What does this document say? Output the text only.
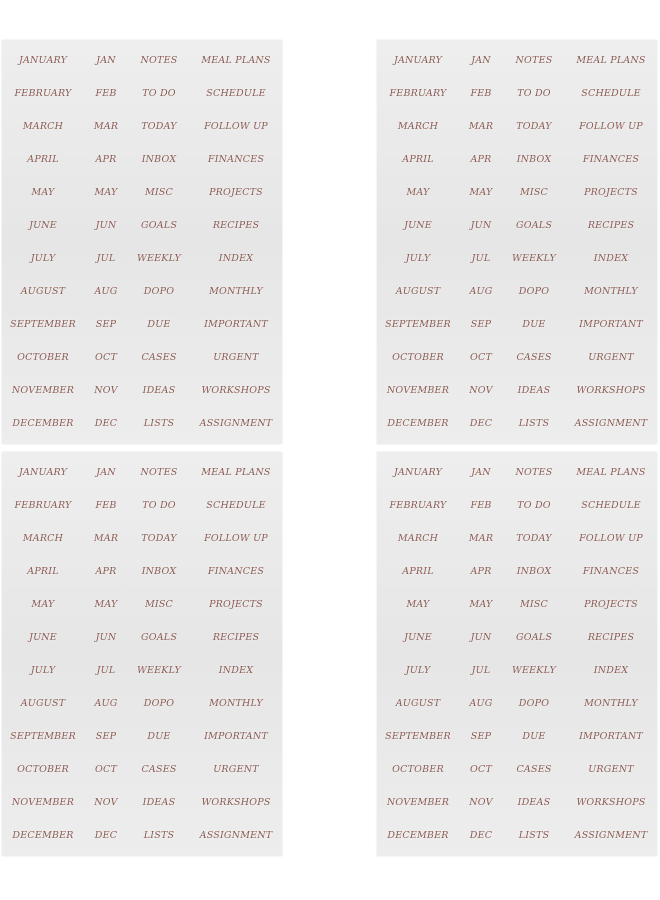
JANUARY	JAN	NOTES	MEAL PLANS
FEBRUARY	FEB	TO DO	SCHEDULE
MARCH	MAR	TODAY	FOLLOW UP
APRIL	APR	INBOX	FINANCES
MAY	MAY	MISC	PROJECTS
JUNE	JUN	GOALS	RECIPES
JULY	JUL	WEEKLY	INDEX
AUGUST	AUG	DOPO	MONTHLY
SEPTEMBER	SEP	DUE	IMPORTANT
OCTOBER	OCT	CASES	URGENT
NOVEMBER	NOV	IDEAS	WORKSHOPS
DECEMBER	DEC	LISTS	ASSIGNMENT
JANUARY	JAN	NOTES	MEAL PLANS
FEBRUARY	FEB	TO DO	SCHEDULE
MARCH	MAR	TODAY	FOLLOW UP
APRIL	APR	INBOX	FINANCES
MAY	MAY	MISC	PROJECTS
JUNE	JUN	GOALS	RECIPES
JULY	JUL	WEEKLY	INDEX
AUGUST	AUG	DOPO	MONTHLY
SEPTEMBER	SEP	DUE	IMPORTANT
OCTOBER	OCT	CASES	URGENT
NOVEMBER	NOV	IDEAS	WORKSHOPS
DECEMBER	DEC	LISTS	ASSIGNMENT
JANUARY	JAN	NOTES	MEAL PLANS
FEBRUARY	FEB	TO DO	SCHEDULE
MARCH	MAR	TODAY	FOLLOW UP
APRIL	APR	INBOX	FINANCES
MAY	MAY	MISC	PROJECTS
JUNE	JUN	GOALS	RECIPES
JULY	JUL	WEEKLY	INDEX
AUGUST	AUG	DOPO	MONTHLY
SEPTEMBER	SEP	DUE	IMPORTANT
OCTOBER	OCT	CASES	URGENT
NOVEMBER	NOV	IDEAS	WORKSHOPS
DECEMBER	DEC	LISTS	ASSIGNMENT
JANUARY	JAN	NOTES	MEAL PLANS
FEBRUARY	FEB	TO DO	SCHEDULE
MARCH	MAR	TODAY	FOLLOW UP
APRIL	APR	INBOX	FINANCES
MAY	MAY	MISC	PROJECTS
JUNE	JUN	GOALS	RECIPES
JULY	JUL	WEEKLY	INDEX
AUGUST	AUG	DOPO	MONTHLY
SEPTEMBER	SEP	DUE	IMPORTANT
OCTOBER	OCT	CASES	URGENT
NOVEMBER	NOV	IDEAS	WORKSHOPS
DECEMBER	DEC	LISTS	ASSIGNMENT
